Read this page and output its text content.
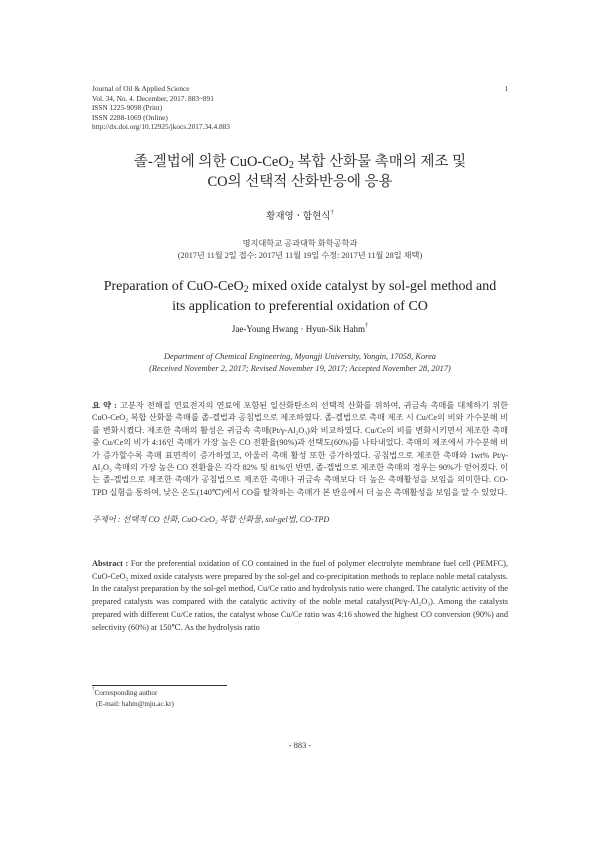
Journal of Oil & Applied Science
Vol. 34, No. 4. December, 2017. 883~891
ISSN 1225-9098 (Print)
ISSN 2288-1069 (Online)
http://dx.doi.org/10.12925/jkocs.2017.34.4.883
1
졸-겔법에 의한 CuO-CeO$_2$ 복합 산화물 촉매의 제조 및
CO의 선택적 산화반응에 응용
황재영ㆍ함현식†
명지대학교 공과대학 화학공학과
(2017년 11월 2일 접수: 2017년 11월 19일 수정: 2017년 11월 28일 채택)
Preparation of CuO-CeO$_2$ mixed oxide catalyst by sol-gel method and
its application to preferential oxidation of CO
Jae-Young Hwang · Hyun-Sik Hahm†
Department of Chemical Engineering, Myongji University, Yongin, 17058, Korea
(Received November 2, 2017; Revised November 19, 2017; Accepted November 28, 2017)
요 약 : 고분자 전해질 연료전지의 연료에 포함된 일산화탄소의 선택적 산화를 위하여, 귀금속 촉매를 대체하기 위한 CuO-CeO₂ 복합 산화물 촉매를 졸-겔법과 공침법으로 제조하였다. 졸-겔법으로 촉매 제조 시 Cu/Ce의 비와 가수분해 비를 변화시켰다. 제조한 촉매의 활성은 귀금속 촉매(Pt/γ-Al₂O₃)와 비교하였다. Cu/Ce의 비를 변화시키면서 제조한 촉매 중 Cu/Ce의 비가 4:16인 촉매가 가장 높은 CO 전환율(90%)과 선택도(60%)를 나타내었다. 촉매의 제조에서 가수분해 비가 증가할수록 촉매 표면적이 증가하였고, 아울러 촉매 활성 또한 증가하였다. 공침법으로 제조한 촉매와 1wt% Pt/γ-Al₂O₃ 촉매의 가장 높은 CO 전환율은 각각 82% 및 81%인 반면, 졸-겔법으로 제조한 촉매의 경우는 90%가 얻어졌다. 이는 졸-겔법으로 제조한 촉매가 공침법으로 제조한 촉매나 귀금속 촉매보다 더 높은 촉매활성을 보임을 의미한다. CO-TPD 실험을 통하여, 낮은 온도(140℃)에서 CO를 탈착하는 촉매가 본 반응에서 더 높은 촉매활성을 보임을 알 수 있었다.
주제어 : 선택적 CO 산화, CuO-CeO₂ 복합 산화물, sol-gel법, CO-TPD
Abstract : For the preferential oxidation of CO contained in the fuel of polymer electrolyte membrane fuel cell (PEMFC), CuO-CeO₂ mixed oxide catalysts were prepared by the sol-gel and co-precipitation methods to replace noble metal catalysts. In the catalyst preparation by the sol-gel method, Cu/Ce ratio and hydrolysis ratio were changed. The catalytic activity of the prepared catalysts was compared with the catalytic activity of the noble metal catalyst(Pt/γ-Al₂O₃). Among the catalysts prepared with different Cu/Ce ratios, the catalyst whose Cu/Ce ratio was 4:16 showed the highest CO conversion (90%) and selectivity (60%) at 150℃. As the hydrolysis ratio
†Corresponding author
(E-mail: hahm@mju.ac.kr)
- 883 -
